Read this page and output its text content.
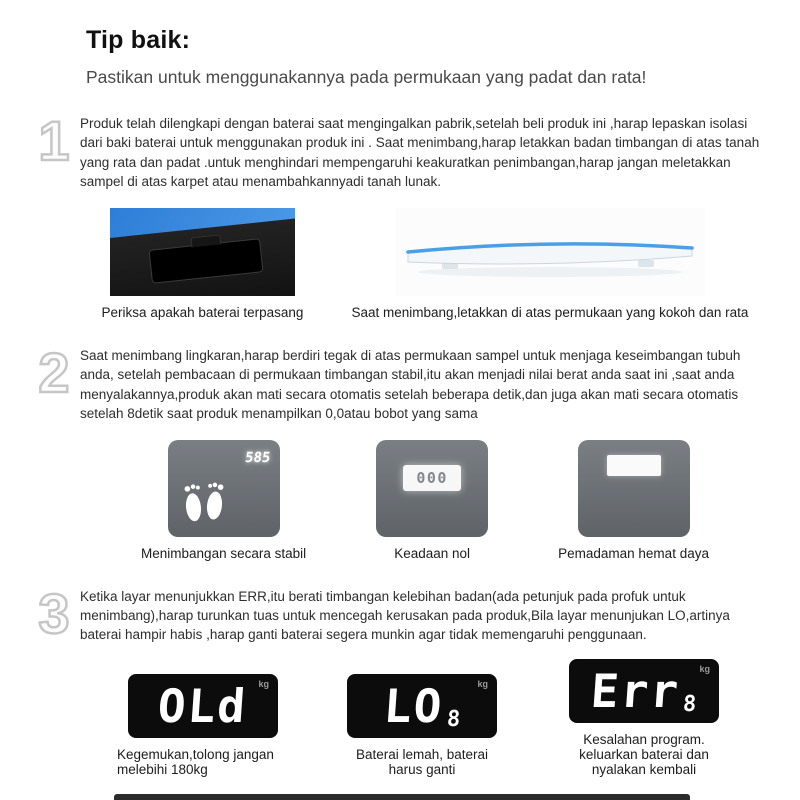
Tip baik:
Pastikan untuk menggunakannya pada permukaan yang padat dan rata!
1 Produk telah dilengkapi dengan baterai saat mengingalkan pabrik,setelah beli produk ini ,harap lepaskan isolasi dari baki baterai untuk menggunakan produk ini . Saat menimbang,harap letakkan badan timbangan di atas tanah yang rata dan padat .untuk menghindari mempengaruhi keakuratkan penimbangan,harap jangan meletakkan sampel di atas karpet atau menambahkannyadi tanah lunak.

Periksa apakah baterai terpasang	Saat menimbang,letakkan di atas permukaan yang kokoh dan rata
2 Saat menimbang lingkaran,harap berdiri tegak di atas permukaan sampel untuk menjaga keseimbangan tubuh anda, setelah pembacaan di permukaan timbangan stabil,itu akan menjadi nilai berat anda saat ini ,saat anda menyalakannya,produk akan mati secara otomatis setelah beberapa detik,dan juga akan mati secara otomatis setelah 8detik saat produk menampilkan 0,0atau bobot yang sama

585
Menimbangan secara stabil
000
Keadaan nol	Pemadaman hemat daya
3 Ketika layar menunjukkan ERR,itu berati timbangan kelebihan badan(ada petunjuk pada profuk untuk menimbang),harap turunkan tuas untuk mencegah kerusakan pada produk,Bila layar menunjukan LO,artinya baterai hampir habis ,harap ganti baterai segera munkin agar tidak memengaruhi penggunaan.

OLd kg
Kegemukan,tolong jangan melebihi 180kg
LO 8
kg
Baterai lemah, baterai harus ganti
Err 8
kg
Kesalahan program. keluarkan baterai dan nyalakan kembali
